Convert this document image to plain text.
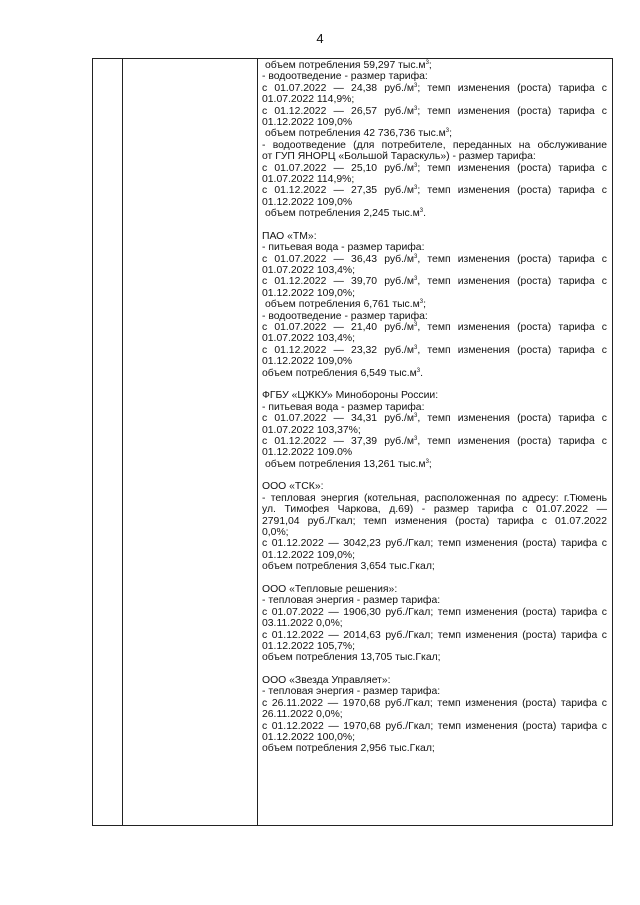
4
объем потребления 59,297 $тыс.м^3$;
- водоотведение - размер тарифа:
с 01.07.2022 — 24,38 $руб./м^3$; темп изменения (роста) тарифа с
01.07.2022 114,9%;
с 01.12.2022 — 26,57 $руб./м^3$; темп изменения (роста) тарифа с
01.12.2022 109,0%
объем потребления 42 736,736 $тыс.м^3$;
- водоотведение (для потребителе, переданных на обслуживание
от ГУП ЯНОРЦ «Большой Тараскуль») - размер тарифа:
с 01.07.2022 — 25,10 $руб./м^3$; темп изменения (роста) тарифа с
01.07.2022 114,9%;
с 01.12.2022 — 27,35 $руб./м^3$; темп изменения (роста) тарифа с
01.12.2022 109,0%
объем потребления 2,245 $тыс.м^3$.
ПАО «ТМ»:
- питьевая вода - размер тарифа:
с 01.07.2022 — 36,43 $руб./м^3$, темп изменения (роста) тарифа с
01.07.2022 103,4%;
с 01.12.2022 — 39,70 $руб./м^3$, темп изменения (роста) тарифа с
01.12.2022 109,0%;
объем потребления 6,761 $тыс.м^3$;
- водоотведение - размер тарифа:
с 01.07.2022 — 21,40 $руб./м^3$, темп изменения (роста) тарифа с
01.07.2022 103,4%;
с 01.12.2022 — 23,32 $руб./м^3$, темп изменения (роста) тарифа с
01.12.2022 109,0%
объем потребления 6,549 $тыс.м^3$.
ФГБУ «ЦЖКУ» Минобороны России:
- питьевая вода - размер тарифа:
с 01.07.2022 — 34,31 $руб./м^3$, темп изменения (роста) тарифа с
01.07.2022 103,37%;
с 01.12.2022 — 37,39 $руб./м^3$, темп изменения (роста) тарифа с
01.12.2022 109.0%
объем потребления 13,261 $тыс.м^3$;
ООО «ТСК»:
- тепловая энергия (котельная, расположенная по адресу: г.Тюмень
ул. Тимофея Чаркова, д.69) - размер тарифа с 01.07.2022 —
2791,04 руб./Гкал; темп изменения (роста) тарифа с 01.07.2022
0,0%;
с 01.12.2022 — 3042,23 руб./Гкал; темп изменения (роста) тарифа с
01.12.2022 109,0%;
объем потребления 3,654 тыс.Гкал;
ООО «Тепловые решения»:
- тепловая энергия - размер тарифа:
с 01.07.2022 — 1906,30 руб./Гкал; темп изменения (роста) тарифа с
03.11.2022 0,0%;
с 01.12.2022 — 2014,63 руб./Гкал; темп изменения (роста) тарифа с
01.12.2022 105,7%;
объем потребления 13,705 тыс.Гкал;
ООО «Звезда Управляет»:
- тепловая энергия - размер тарифа:
с 26.11.2022 — 1970,68 руб./Гкал; темп изменения (роста) тарифа с
26.11.2022 0,0%;
с 01.12.2022 — 1970,68 руб./Гкал; темп изменения (роста) тарифа с
01.12.2022 100,0%;
объем потребления 2,956 тыс.Гкал;
